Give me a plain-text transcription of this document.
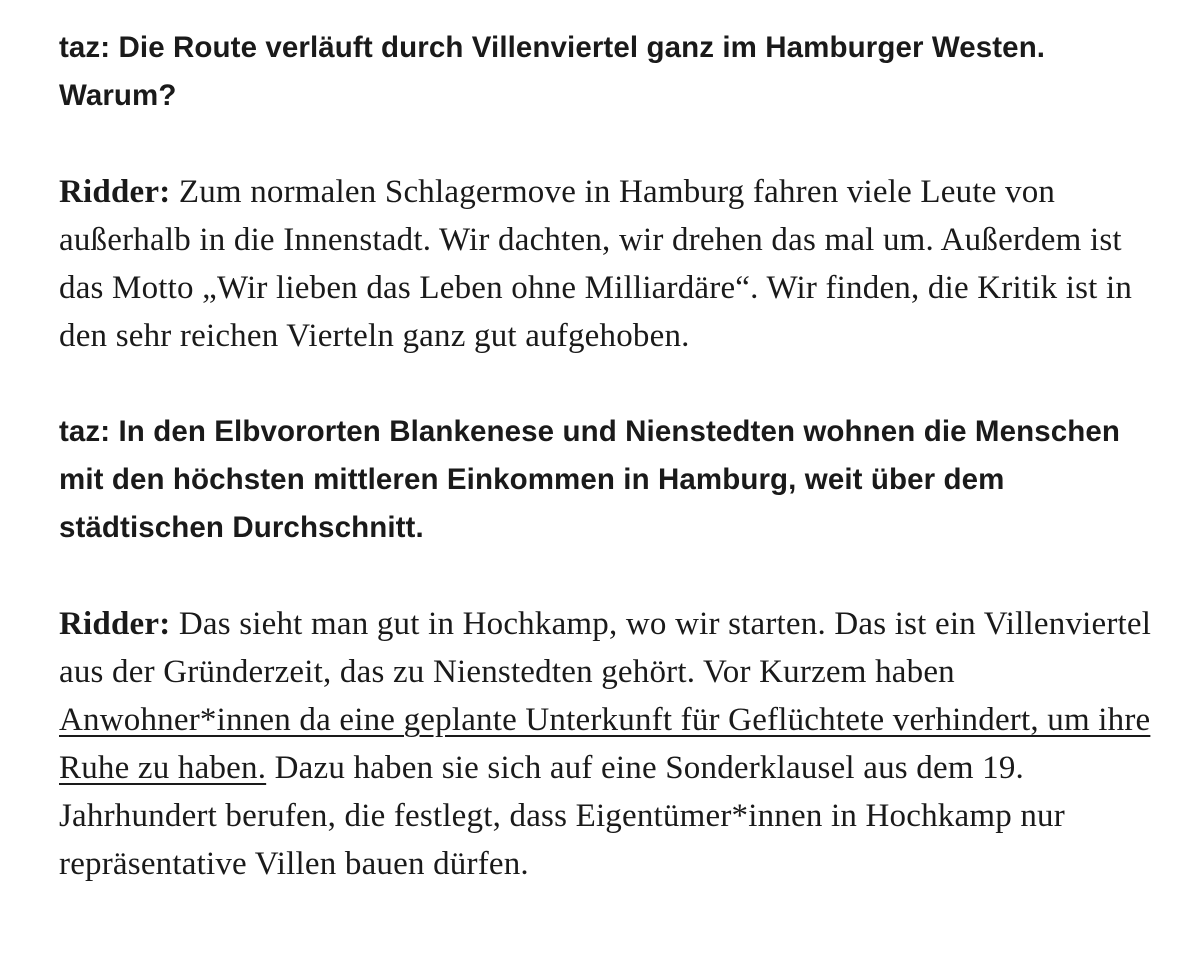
taz: Die Route verläuft durch Villenviertel ganz im Hamburger Westen. Warum?

Ridder: Zum normalen Schlagermove in Hamburg fahren viele Leute von außerhalb in die Innenstadt. Wir dachten, wir drehen das mal um. Außerdem ist das Motto „Wir lieben das Leben ohne Milliardäre“. Wir finden, die Kritik ist in den sehr reichen Vierteln ganz gut aufgehoben.

taz: In den Elbvororten Blankenese und Nienstedten wohnen die Menschen mit den höchsten mittleren Einkommen in Hamburg, weit über dem städtischen Durchschnitt.

Ridder: Das sieht man gut in Hochkamp, wo wir starten. Das ist ein Villenviertel aus der Gründerzeit, das zu Nienstedten gehört. Vor Kurzem haben Anwohner*innen da eine geplante Unterkunft für Geflüchtete verhindert, um ihre Ruhe zu haben. Dazu haben sie sich auf eine Sonderklausel aus dem 19. Jahrhundert berufen, die festlegt, dass Eigentümer*innen in Hochkamp nur repräsentative Villen bauen dürfen.
